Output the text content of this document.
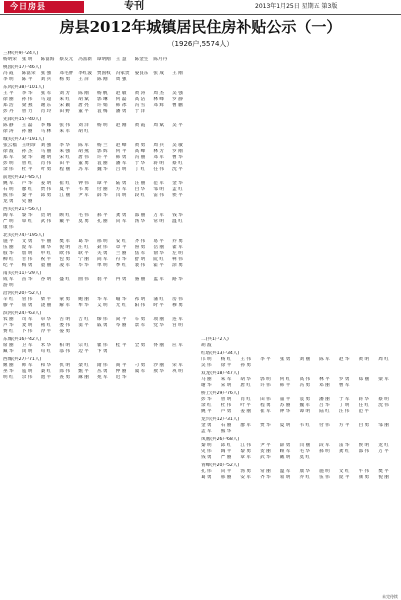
今日房县	专刊	2013年1月25日 星期五 第3版
房县2012年城镇居民住房补贴公示（一）
（1926户,5574人）
三林(共9户24人)
杨明荣 张 明 陈富海 蔡友元 冯富新 谭明刚 王 慧 陈金生 陈月丹
桃园(共17户46人)
冯 霞 陈富荣 张 强 邓毛胖 李红波 贾国权 冯家贵 晏良东 张 成 王 刚李 明 陈 平 刘 兵 杨 勇 王 萍 陈 刚 周 强
东风(共38户101人)
王 平 李 华 张 军 刘 芳 陈 刚 杨 帆 赵 敏 黄 涛 周 杰 吴 强徐 丽 孙 伟 马 超 朱 红 胡 斌 郭 琳 何 磊 高 洁 林 峰 罗 静郑 浩 梁 燕 谢 东 宋 颖 唐 亮 许 娟 韩 冰 冯 雪 邓 辉 曹 鹏彭 丹 曾 力 肖 玲 田 野 董 平 袁 梅 潘 勇 于 洋
先锋(共15户40人)
陈 静 王 磊 李 娜 张 伟 刘 洋 杨 明 赵 刚 黄 霞 周 斌 吴 平徐 涛 孙 丽 马 林 朱 军 胡 红
城关(共73户191人)
张云福 王明珍 刘 强 李 华 陈 军 杨 兰 赵 峰 黄 勇 周 兵 吴 敏徐 波 孙 杰 马 丽 朱 强 胡 燕 郭 辉 何 平 高 峰 林 芳 罗 刚郑 军 梁 华 谢 明 宋 红 唐 伟 许 平 韩 勇 冯 丽 邓 军 曹 华彭 明 曾 红 肖 伟 田 平 董 勇 袁 丽 潘 军 于 华 蒋 明 蔡 红余 伟 杜 平 叶 勇 程 丽 苏 军 魏 华 吕 明 丁 红 任 伟 沈 平
前进(共32户85人)
姚 军 卢 华 姜 明 崔 红 钟 伟 谭 平 陆 勇 汪 丽 范 军 金 华石 明 廖 红 贾 伟 夏 平 韦 勇 付 丽 方 军 白 华 邹 明 孟 红熊 伟 秦 平 邱 勇 江 丽 尹 军 薛 华 闫 明 段 红 雷 伟 侯 平龙 勇 史 丽
西关(共21户56人)
陶 军 黎 华 贺 明 顾 红 毛 伟 郝 平 龚 勇 邵 丽 万 军 钱 华严 明 覃 红 武 伟 戴 平 莫 勇 孔 丽 向 军 汤 华 常 明 温 红康 伟
北关(共74户195人)
施 平 文 勇 牛 丽 樊 军 葛 华 邢 明 安 红 齐 伟 易 平 乔 勇伍 丽 庞 军 颜 华 倪 明 庄 红 聂 伟 章 平 鲁 勇 岳 丽 翟 军殷 华 詹 明 申 红 欧 伟 耿 平 关 勇 兰 丽 焦 军 俞 华 左 明柳 红 甘 伟 祝 平 包 勇 宁 丽 尚 军 符 华 舒 明 阮 红 柯 伟纪 平 梅 勇 童 丽 凌 军 毕 华 单 明 季 红 裴 伟 霍 平 涂 勇
南关(共11户29人)
成 军 苗 华 谷 明 盛 红 曲 伟 翁 平 冉 勇 骆 丽 蓝 军 路 华游 明
沿河(共20户52人)
辛 红 管 伟 柴 平 蒙 勇 鲍 丽 华 军 喻 华 祁 明 蒲 红 房 伟滕 平 屈 勇 饶 丽 解 军 牟 华 艾 明 尤 红 阳 伟 时 平 穆 勇
滨河(共24户63人)
农 丽 司 军 卓 华 古 明 吉 红 缪 伟 简 平 车 勇 项 丽 连 军芦 华 麦 明 褚 红 娄 伟 窦 平 戚 勇 岑 丽 景 军 党 华 宫 明费 红 卜 伟 冷 平 晏 勇
东城(共16户42人)
席 丽 卫 军 米 华 柏 明 宗 红 瞿 伟 桂 平 全 勇 佟 丽 应 军臧 华 闵 明 苟 红 邬 伟 边 平 卞 勇
西城(共27户71人)
姬 丽 师 军 和 华 仇 明 栾 红 隋 伟 商 平 刁 勇 沙 丽 荣 军巫 华 寇 明 桑 红 郎 伟 甄 平 丛 勇 仲 丽 虞 军 敖 华 巩 明明 红 佘 伟 池 平 查 勇 麻 丽 苑 军 迟 华
二(共1户2人)
胡 波
红塔(共13户34人)
邝 明 杨 红 王 伟 李 平 张 勇 刘 丽 陈 军 赵 华 黄 明 周 红吴 伟 徐 平 孙 勇
双龙(共18户47人)
马 丽 朱 军 胡 华 郭 明 何 红 高 伟 林 平 罗 勇 郑 丽 梁 军谢 华 宋 明 唐 红 许 伟 韩 平 冯 勇 邓 丽 曹 军
桥上(共29户76人)
彭 华 曾 明 肖 红 田 伟 董 平 袁 勇 潘 丽 于 军 蒋 华 蔡 明余 红 杜 伟 叶 平 程 勇 苏 丽 魏 军 吕 华 丁 明 任 红 沈 伟姚 平 卢 勇 姜 丽 崔 军 钟 华 谭 明 陆 红 汪 伟 范 平
龙兴(共12户31人)
金 勇 石 丽 廖 军 贾 华 夏 明 韦 红 付 伟 方 平 白 勇 邹 丽孟 军 熊 华
凤凰(共26户68人)
秦 明 邱 红 江 伟 尹 平 薛 勇 闫 丽 段 军 雷 华 侯 明 龙 红史 伟 陶 平 黎 勇 贺 丽 顾 军 毛 华 郝 明 龚 红 邵 伟 万 平钱 勇 严 丽 覃 军 武 华 戴 明 莫 红
青峰(共20户52人)
孔 伟 向 平 汤 勇 常 丽 温 军 康 华 施 明 文 红 牛 伟 樊 平葛 勇 邢 丽 安 军 齐 华 易 明 乔 红 伍 伟 庞 平 颜 勇 倪 丽
未完待续
